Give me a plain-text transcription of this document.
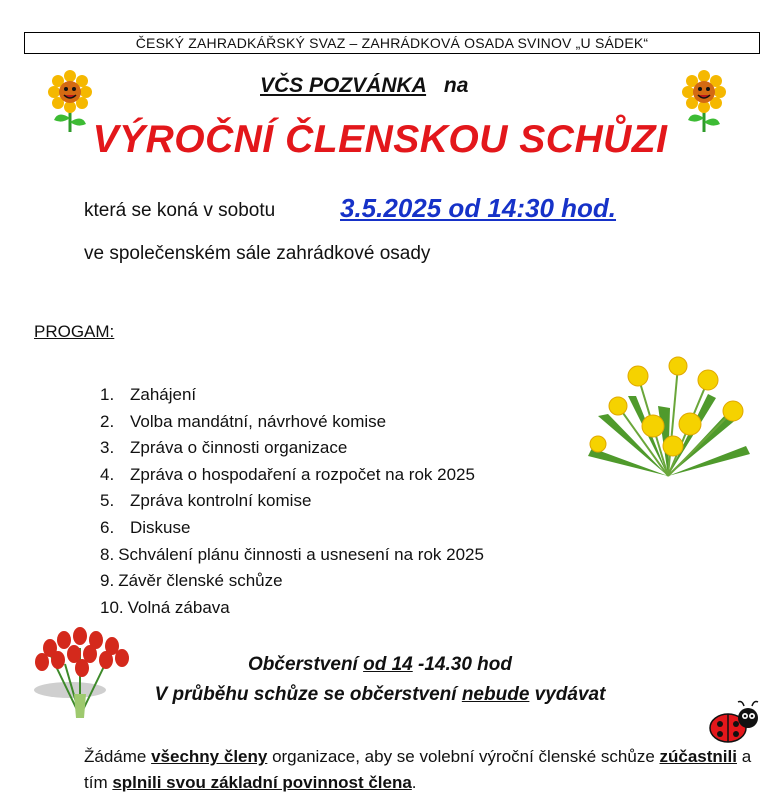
ČESKÝ ZAHRADKÁŘSKÝ SVAZ – ZAHRÁDKOVÁ OSADA SVINOV „U SÁDEK“
VČS POZVÁNKA na
VÝROČNÍ ČLENSKOU SCHŮZI
která se koná v sobotu 3.5.2025 od 14:30 hod.
ve společenském sále zahrádkové osady
PROGAM:
1. Zahájení
2. Volba mandátní, návrhové komise
3. Zpráva o činnosti organizace
4. Zpráva o hospodaření a rozpočet na rok 2025
5. Zpráva kontrolní komise
6. Diskuse
8. Schválení plánu činnosti a usnesení na rok 2025
9. Závěr členské schůze
10. Volná zábava
Občerstvení od 14 -14.30 hod
V průběhu schůze se občerstvení nebude vydávat
Žádáme všechny členy organizace, aby se volební výroční členské schůze zúčastnili a tím splnili svou základní povinnost člena.
